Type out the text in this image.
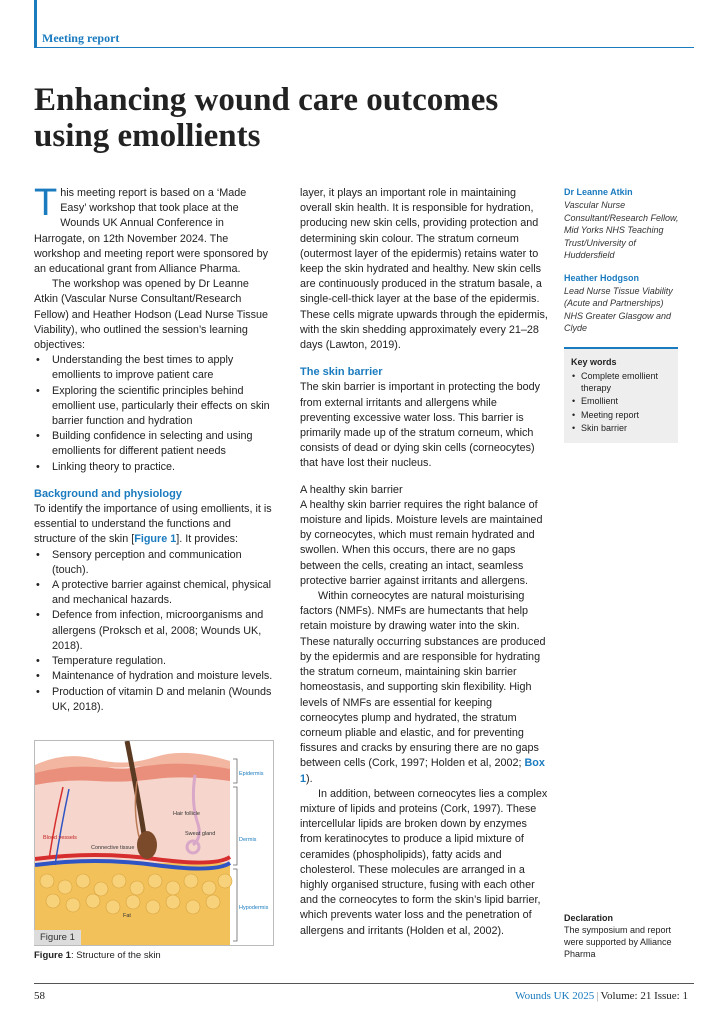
Meeting report
Enhancing wound care outcomes
using emollients

This meeting report is based on a ‘Made Easy’ workshop that took place at the Wounds UK Annual Conference in Harrogate, on 12th November 2024. The workshop and meeting report were sponsored by an educational grant from Alliance Pharma.

The workshop was opened by Dr Leanne Atkin (Vascular Nurse Consultant/Research Fellow) and Heather Hodson (Lead Nurse Tissue Viability), who outlined the session’s learning objectives:

• Understanding the best times to apply emollients to improve patient care
• Exploring the scientific principles behind emollient use, particularly their effects on skin barrier function and hydration
• Building confidence in selecting and using emollients for different patient needs
• Linking theory to practice.
Background and physiology

To identify the importance of using emollients, it is essential to understand the functions and structure of the skin [Figure 1]. It provides:

• Sensory perception and communication (touch).
• A protective barrier against chemical, physical and mechanical hazards.
• Defence from infection, microorganisms and allergens (Proksch et al, 2008; Wounds UK, 2018).
• Temperature regulation.
• Maintenance of hydration and moisture levels.
• Production of vitamin D and melanin (Wounds UK, 2018).
Hair follicle
Sweat gland
Blood vessels
Connective tissue
Fat
Epidermis
Dermis
Hypodermis
Figure 1
Figure 1: Structure of the skin

layer, it plays an important role in maintaining overall skin health. It is responsible for hydration, producing new skin cells, providing protection and determining skin colour. The stratum corneum (outermost layer of the epidermis) retains water to keep the skin hydrated and healthy. New skin cells are continuously produced in the stratum basale, a single-cell-thick layer at the base of the epidermis. These cells migrate upwards through the epidermis, with the skin shedding approximately every 21–28 days (Lawton, 2019).

The skin barrier

The skin barrier is important in protecting the body from external irritants and allergens while preventing excessive water loss. This barrier is primarily made up of the stratum corneum, which consists of dead or dying skin cells (corneocytes) that have lost their nucleus.

A healthy skin barrier

A healthy skin barrier requires the right balance of moisture and lipids. Moisture levels are maintained by corneocytes, which must remain hydrated and swollen. When this occurs, there are no gaps between the cells, creating an intact, seamless protective barrier against irritants and allergens.

Within corneocytes are natural moisturising factors (NMFs). NMFs are humectants that help retain moisture by drawing water into the skin. These naturally occurring substances are produced by the epidermis and are responsible for hydrating the stratum corneum, maintaining skin barrier homeostasis, and supporting skin flexibility. High levels of NMFs are essential for keeping corneocytes plump and hydrated, the stratum corneum pliable and elastic, and for preventing fissures and cracks by ensuring there are no gaps between cells (Cork, 1997; Holden et al, 2002; Box 1).

In addition, between corneocytes lies a complex mixture of lipids and proteins (Cork, 1997). These intercellular lipids are broken down by enzymes from keratinocytes to produce a lipid mixture of ceramides (phospholipids), fatty acids and cholesterol. These molecules are arranged in a highly organised structure, fusing with each other and the corneocytes to form the skin’s lipid barrier, which prevents water loss and the penetration of allergens and irritants (Holden et al, 2002).

Dr Leanne Atkin
Vascular Nurse Consultant/Research Fellow, Mid Yorks NHS Teaching Trust/University of Huddersfield
Heather Hodgson
Lead Nurse Tissue Viability (Acute and Partnerships) NHS Greater Glasgow and Clyde
Key words
• Complete emollient therapy
• Emollient
• Meeting report
• Skin barrier
Declaration
The symposium and report were supported by Alliance Pharma
58	Wounds UK 2025 | Volume: 21 Issue: 1
